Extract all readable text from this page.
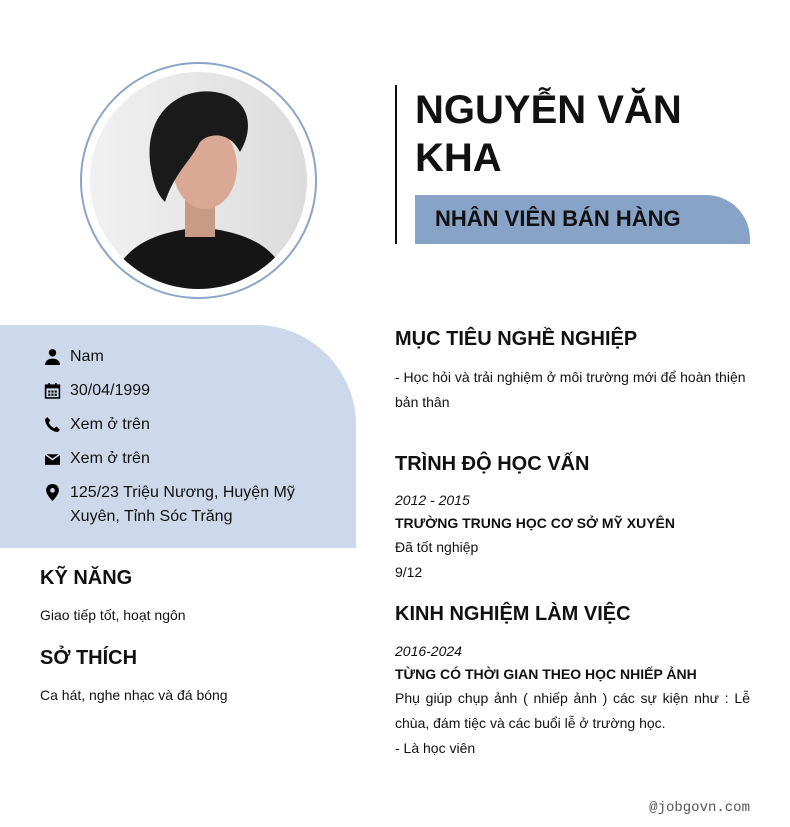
NGUYỄN VĂN KHA
NHÂN VIÊN BÁN HÀNG
Nam
30/04/1999
Xem ở trên
Xem ở trên
125/23 Triệu Nương, Huyện Mỹ Xuyên, Tỉnh Sóc Trăng
KỸ NĂNG
Giao tiếp tốt, hoạt ngôn
SỞ THÍCH
Ca hát, nghe nhạc và đá bóng
MỤC TIÊU NGHỀ NGHIỆP
- Học hỏi và trải nghiệm ở môi trường mới để hoàn thiện bản thân
TRÌNH ĐỘ HỌC VẤN
2012 - 2015
TRƯỜNG TRUNG HỌC CƠ SỞ MỸ XUYÊN
Đã tốt nghiệp
9/12
KINH NGHIỆM LÀM VIỆC
2016-2024
TỪNG CÓ THỜI GIAN THEO HỌC NHIẾP ẢNH
Phụ giúp chụp ảnh ( nhiếp ảnh ) các sự kiện như : Lễ chùa, đám tiệc và các buổi lễ ở trường học.
- Là học viên
@jobgovn.com
